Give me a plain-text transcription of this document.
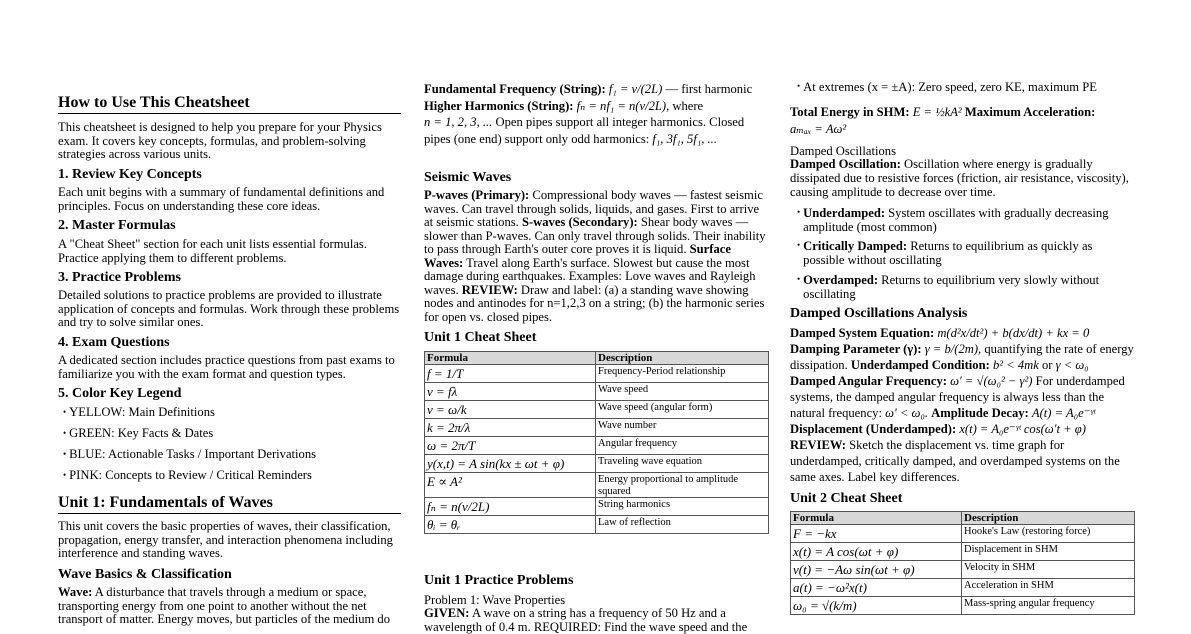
How to Use This Cheatsheet
This cheatsheet is designed to help you prepare for your Physics exam. It covers key concepts, formulas, and problem-solving strategies across various units.
1. Review Key Concepts
Each unit begins with a summary of fundamental definitions and principles. Focus on understanding these core ideas.
2. Master Formulas
A "Cheat Sheet" section for each unit lists essential formulas. Practice applying them to different problems.
3. Practice Problems
Detailed solutions to practice problems are provided to illustrate application of concepts and formulas. Work through these problems and try to solve similar ones.
4. Exam Questions
A dedicated section includes practice questions from past exams to familiarize you with the exam format and question types.
5. Color Key Legend
• YELLOW: Main Definitions
• GREEN: Key Facts & Dates
• BLUE: Actionable Tasks / Important Derivations
• PINK: Concepts to Review / Critical Reminders
Unit 1: Fundamentals of Waves
This unit covers the basic properties of waves, their classification, propagation, energy transfer, and interaction phenomena including interference and standing waves.
Wave Basics & Classification
Wave: A disturbance that travels through a medium or space, transporting energy from one point to another without the net transport of matter. Energy moves, but particles of the medium do
Fundamental Frequency (String): f₁ = v/(2L) — first harmonic Higher Harmonics (String): fₙ = nf₁ = n(v/2L), where n = 1, 2, 3, ... Open pipes support all integer harmonics. Closed pipes (one end) support only odd harmonics: f₁, 3f₁, 5f₁, ...
Seismic Waves
P-waves (Primary): Compressional body waves — fastest seismic waves. Can travel through solids, liquids, and gases. First to arrive at seismic stations. S-waves (Secondary): Shear body waves — slower than P-waves. Can only travel through solids. Their inability to pass through Earth's outer core proves it is liquid. Surface Waves: Travel along Earth's surface. Slowest but cause the most damage during earthquakes. Examples: Love waves and Rayleigh waves. REVIEW: Draw and label: (a) a standing wave showing nodes and antinodes for n=1,2,3 on a string; (b) the harmonic series for open vs. closed pipes.
Unit 1 Cheat Sheet
Formula	Description
f = 1/T	Frequency-Period relationship
v = fλ	Wave speed
v = ω/k	Wave speed (angular form)
k = 2π/λ	Wave number
ω = 2π/T	Angular frequency
y(x,t) = A sin(kx ± ωt + φ)	Traveling wave equation
E ∝ A²	Energy proportional to amplitude squared
fₙ = n(v/2L)	String harmonics
θᵢ = θᵣ	Law of reflection
Unit 1 Practice Problems
Problem 1: Wave Properties
GIVEN: A wave on a string has a frequency of 50 Hz and a
wavelength of 0.4 m. REQUIRED: Find the wave speed and the
• At extremes (x = ±A): Zero speed, zero KE, maximum PE
Total Energy in SHM: E = ½kA² Maximum Acceleration: aₘₐₓ = Aω²
Damped Oscillations
Damped Oscillation: Oscillation where energy is gradually dissipated due to resistive forces (friction, air resistance, viscosity), causing amplitude to decrease over time.
• Underdamped: System oscillates with gradually decreasing amplitude (most common)
• Critically Damped: Returns to equilibrium as quickly as possible without oscillating
• Overdamped: Returns to equilibrium very slowly without oscillating
Damped Oscillations Analysis
Damped System Equation: m(d²x/dt²) + b(dx/dt) + kx = 0 Damping Parameter (γ): γ = b/(2m), quantifying the rate of energy dissipation. Underdamped Condition: b² < 4mk or γ < ω₀ Damped Angular Frequency: ω′ = √(ω₀² − γ²) For underdamped systems, the damped angular frequency is always less than the natural frequency: ω′ < ω₀. Amplitude Decay: A(t) = A₀e⁻ᵞᵗ Displacement (Underdamped): x(t) = A₀e⁻ᵞᵗ cos(ω′t + φ) REVIEW: Sketch the displacement vs. time graph for underdamped, critically damped, and overdamped systems on the same axes. Label key differences.
Unit 2 Cheat Sheet
Formula	Description
F = −kx	Hooke's Law (restoring force)
x(t) = A cos(ωt + φ)	Displacement in SHM
v(t) = −Aω sin(ωt + φ)	Velocity in SHM
a(t) = −ω²x(t)	Acceleration in SHM
ω₀ = √(k/m)	Mass-spring angular frequency
